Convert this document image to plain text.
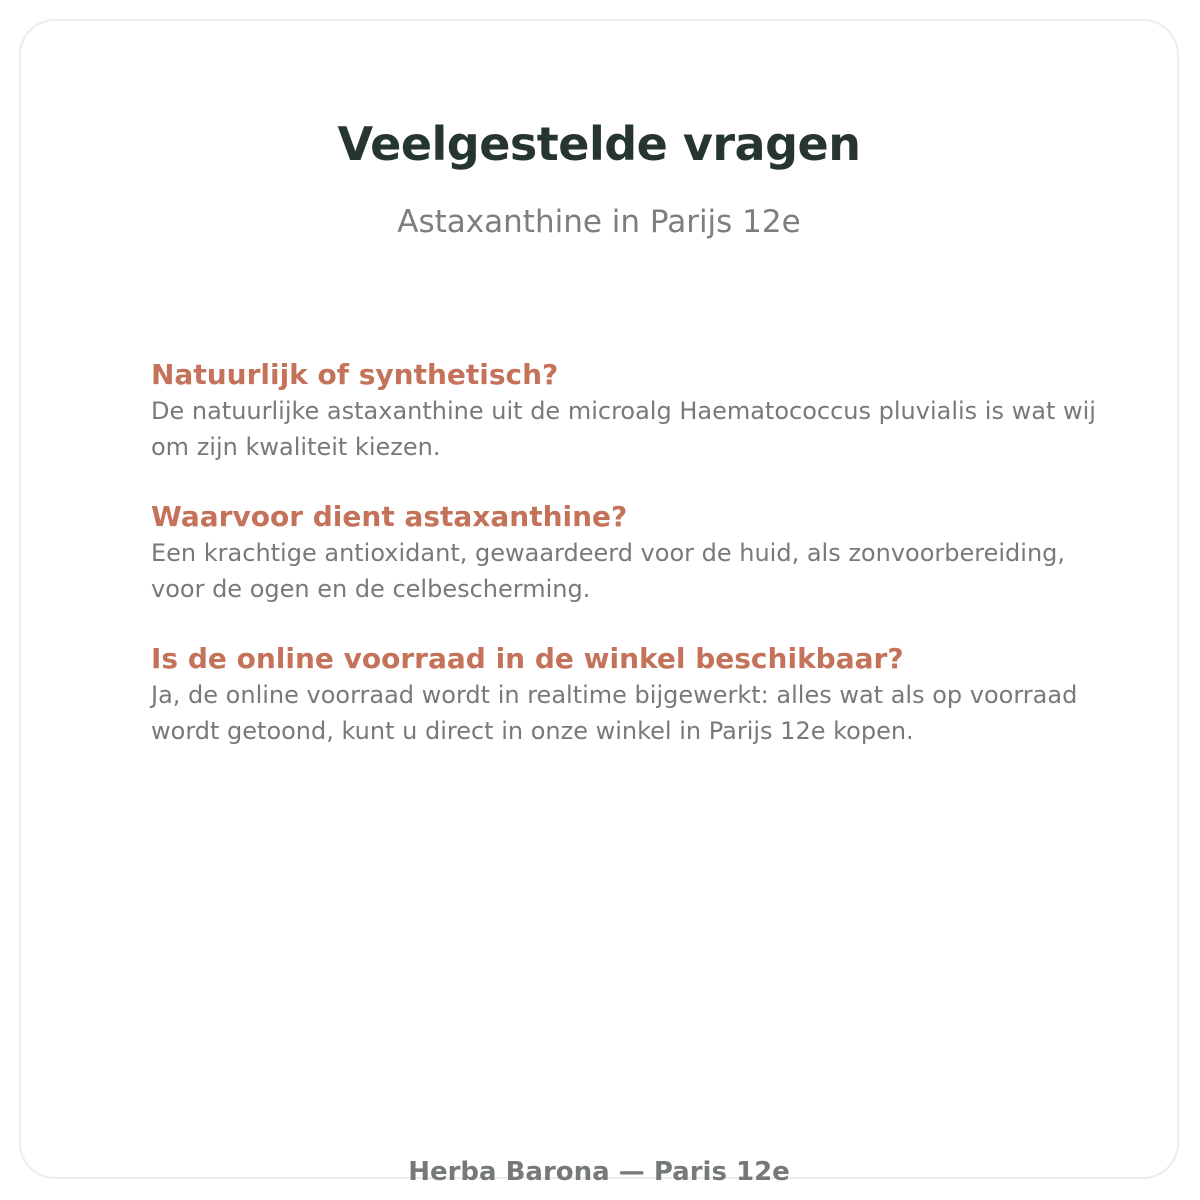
Veelgestelde vragen
Astaxanthine in Parijs 12e
Natuurlijk of synthetisch?

De natuurlijke astaxanthine uit de microalg Haematococcus pluvialis is wat wij om zijn kwaliteit kiezen.

Waarvoor dient astaxanthine?

Een krachtige antioxidant, gewaardeerd voor de huid, als zonvoorbereiding, voor de ogen en de celbescherming.

Is de online voorraad in de winkel beschikbaar?

Ja, de online voorraad wordt in realtime bijgewerkt: alles wat als op voorraad wordt getoond, kunt u direct in onze winkel in Parijs 12e kopen.

Herba Barona — Paris 12e
